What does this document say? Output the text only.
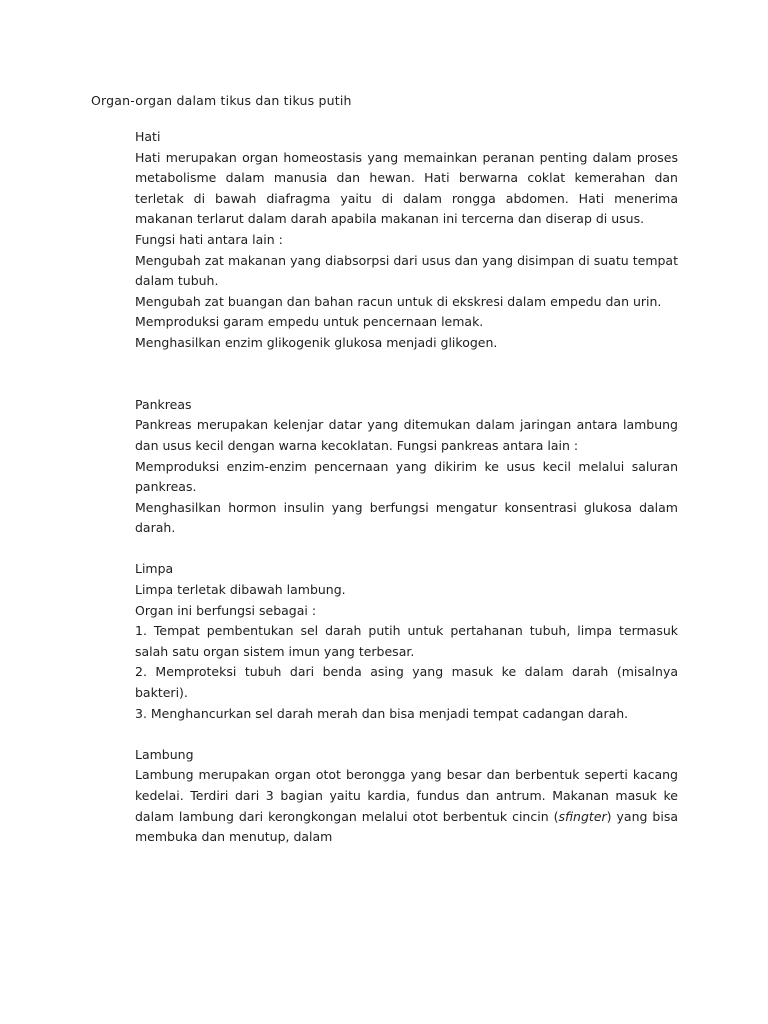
Organ-organ dalam tikus dan tikus putih

Hati

Hati merupakan organ homeostasis yang memainkan peranan penting dalam proses metabolisme dalam manusia dan hewan. Hati berwarna coklat kemerahan dan terletak di bawah diafragma yaitu di dalam rongga abdomen. Hati menerima makanan terlarut dalam darah apabila makanan ini tercerna dan diserap di usus.

Fungsi hati antara lain :

Mengubah zat makanan yang diabsorpsi dari usus dan yang disimpan di suatu tempat dalam tubuh.

Mengubah zat buangan dan bahan racun untuk di ekskresi dalam empedu dan urin.

Memproduksi garam empedu untuk pencernaan lemak.

Menghasilkan enzim glikogenik glukosa menjadi glikogen.

Pankreas

Pankreas merupakan kelenjar datar yang ditemukan dalam jaringan antara lambung dan usus kecil dengan warna kecoklatan. Fungsi pankreas antara lain :

Memproduksi enzim-enzim pencernaan yang dikirim ke usus kecil melalui saluran pankreas.

Menghasilkan hormon insulin yang berfungsi mengatur konsentrasi glukosa dalam darah.

Limpa

Limpa terletak dibawah lambung.

Organ ini berfungsi sebagai :

1. Tempat pembentukan sel darah putih untuk pertahanan tubuh, limpa termasuk salah satu organ sistem imun yang terbesar.

2. Memproteksi tubuh dari benda asing yang masuk ke dalam darah (misalnya bakteri).

3. Menghancurkan sel darah merah dan bisa menjadi tempat cadangan darah.

Lambung

Lambung merupakan organ otot berongga yang besar dan berbentuk seperti kacang kedelai. Terdiri dari 3 bagian yaitu kardia, fundus dan antrum. Makanan masuk ke dalam lambung dari kerongkongan melalui otot berbentuk cincin (sfingter) yang bisa membuka dan menutup, dalam
